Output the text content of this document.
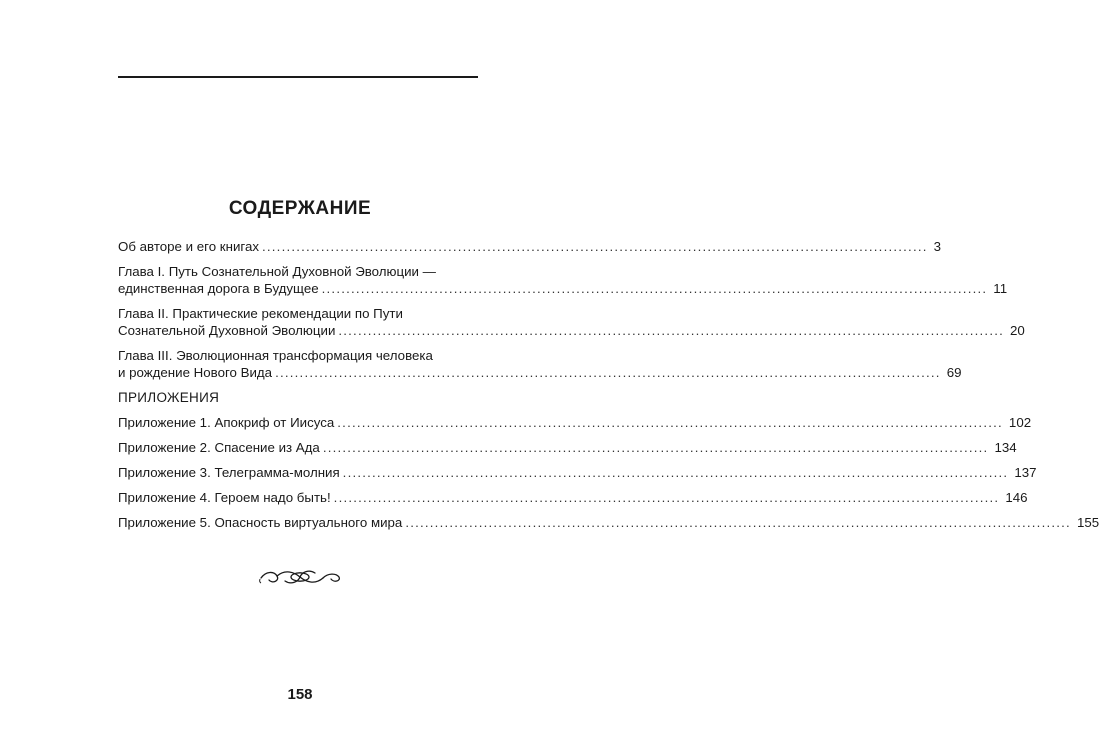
СОДЕРЖАНИЕ
Об авторе и его книгах ........................................................................................................................................ 3
Глава I. Путь Сознательной Духовной Эволюции —
единственная дорога в Будущее ........................................................................................................................................ 11
Глава II. Практические рекомендации по Пути
Сознательной Духовной Эволюции ........................................................................................................................................ 20
Глава III. Эволюционная трансформация человека
и рождение Нового Вида ........................................................................................................................................ 69
ПРИЛОЖЕНИЯ
Приложение 1. Апокриф от Иисуса ........................................................................................................................................ 102
Приложение 2. Спасение из Ада ........................................................................................................................................ 134
Приложение 3. Телеграмма-молния ........................................................................................................................................ 137
Приложение 4. Героем надо быть! ........................................................................................................................................ 146
Приложение 5. Опасность виртуального мира ........................................................................................................................................ 155
158
